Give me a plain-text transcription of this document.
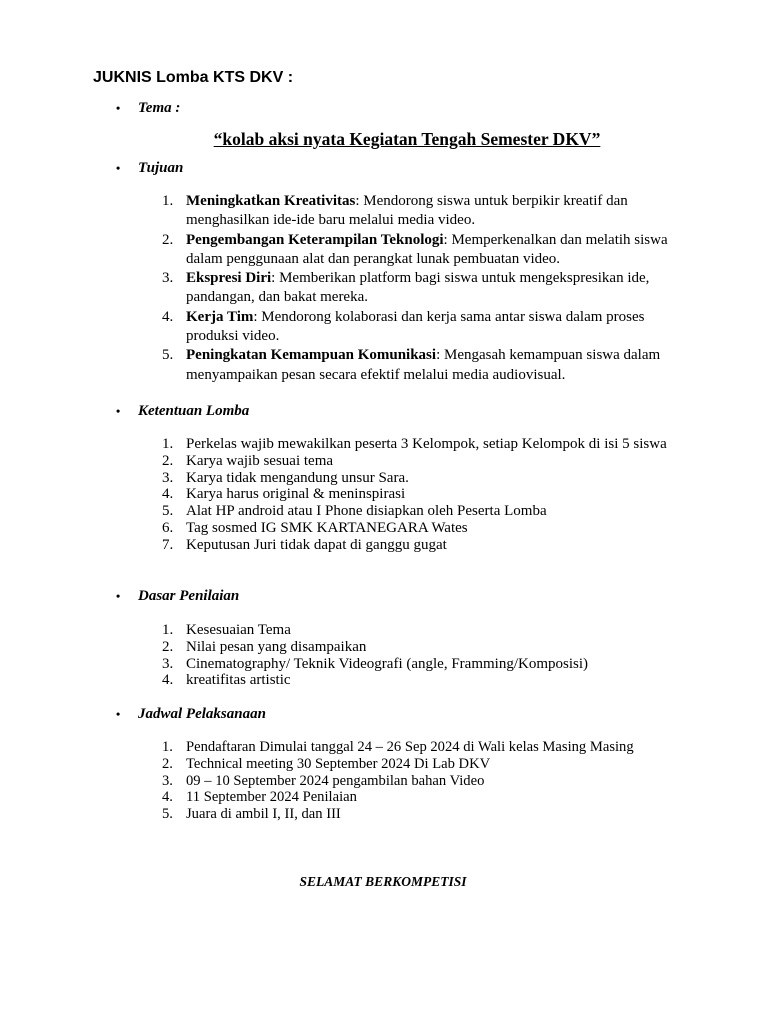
JUKNIS Lomba KTS DKV :
• Tema :
“kolab aksi nyata Kegiatan Tengah Semester DKV”
• Tujuan
1. Meningkatkan Kreativitas: Mendorong siswa untuk berpikir kreatif dan menghasilkan ide-ide baru melalui media video.
2. Pengembangan Keterampilan Teknologi: Memperkenalkan dan melatih siswa dalam penggunaan alat dan perangkat lunak pembuatan video.
3. Ekspresi Diri: Memberikan platform bagi siswa untuk mengekspresikan ide, pandangan, dan bakat mereka.
4. Kerja Tim: Mendorong kolaborasi dan kerja sama antar siswa dalam proses produksi video.
5. Peningkatan Kemampuan Komunikasi: Mengasah kemampuan siswa dalam menyampaikan pesan secara efektif melalui media audiovisual.
• Ketentuan Lomba
1. Perkelas wajib mewakilkan peserta 3 Kelompok, setiap Kelompok di isi 5 siswa
2. Karya wajib sesuai tema
3. Karya tidak mengandung unsur Sara.
4. Karya harus original & meninspirasi
5. Alat HP android atau I Phone disiapkan oleh Peserta Lomba
6. Tag sosmed IG SMK KARTANEGARA Wates
7. Keputusan Juri tidak dapat di ganggu gugat
• Dasar Penilaian
1. Kesesuaian Tema
2. Nilai pesan yang disampaikan
3. Cinematography/ Teknik Videografi (angle, Framming/Komposisi)
4. kreatifitas artistic
• Jadwal Pelaksanaan
1. Pendaftaran Dimulai tanggal 24 – 26 Sep 2024 di Wali kelas Masing Masing
2. Technical meeting 30 September 2024 Di Lab DKV
3. 09 – 10 September 2024 pengambilan bahan Video
4. 11 September 2024 Penilaian
5. Juara di ambil I, II, dan III
SELAMAT BERKOMPETISI
